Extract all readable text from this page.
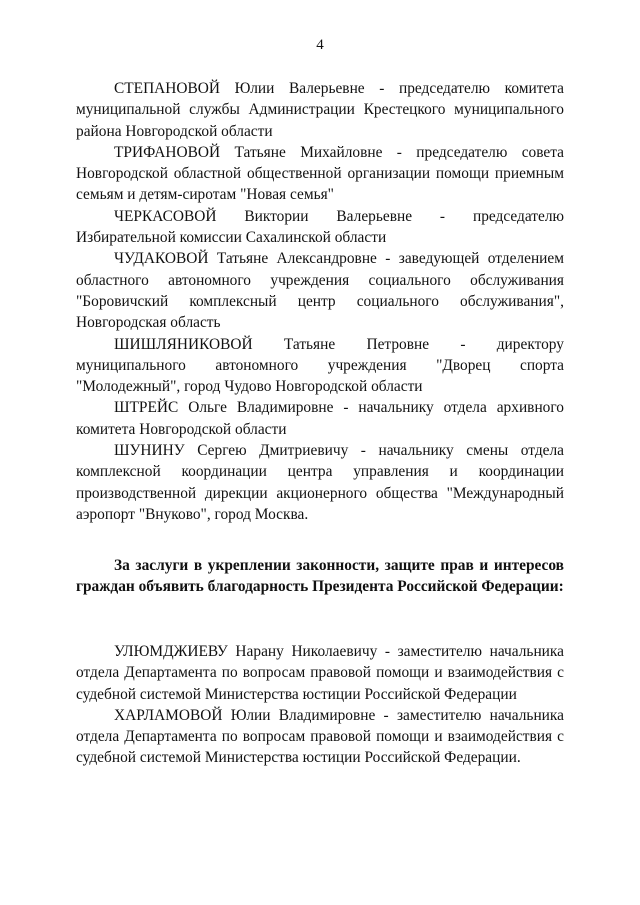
4

СТЕПАНОВОЙ Юлии Валерьевне - председателю комитета муниципальной службы Администрации Крестецкого муниципального района Новгородской области

ТРИФАНОВОЙ Татьяне Михайловне - председателю совета Новгородской областной общественной организации помощи приемным семьям и детям-сиротам "Новая семья"

ЧЕРКАСОВОЙ Виктории Валерьевне - председателю Избирательной комиссии Сахалинской области

ЧУДАКОВОЙ Татьяне Александровне - заведующей отделением областного автономного учреждения социального обслуживания "Боровичский комплексный центр социального обслуживания", Новгородская область

ШИШЛЯНИКОВОЙ Татьяне Петровне - директору муниципального автономного учреждения "Дворец спорта "Молодежный", город Чудово Новгородской области

ШТРЕЙС Ольге Владимировне - начальнику отдела архивного комитета Новгородской области

ШУНИНУ Сергею Дмитриевичу - начальнику смены отдела комплексной координации центра управления и координации производственной дирекции акционерного общества "Международный аэропорт "Внуково", город Москва.

За заслуги в укреплении законности, защите прав и интересов граждан объявить благодарность Президента Российской Федерации:

УЛЮМДЖИЕВУ Нарану Николаевичу - заместителю начальника отдела Департамента по вопросам правовой помощи и взаимодействия с судебной системой Министерства юстиции Российской Федерации

ХАРЛАМОВОЙ Юлии Владимировне - заместителю начальника отдела Департамента по вопросам правовой помощи и взаимодействия с судебной системой Министерства юстиции Российской Федерации.
